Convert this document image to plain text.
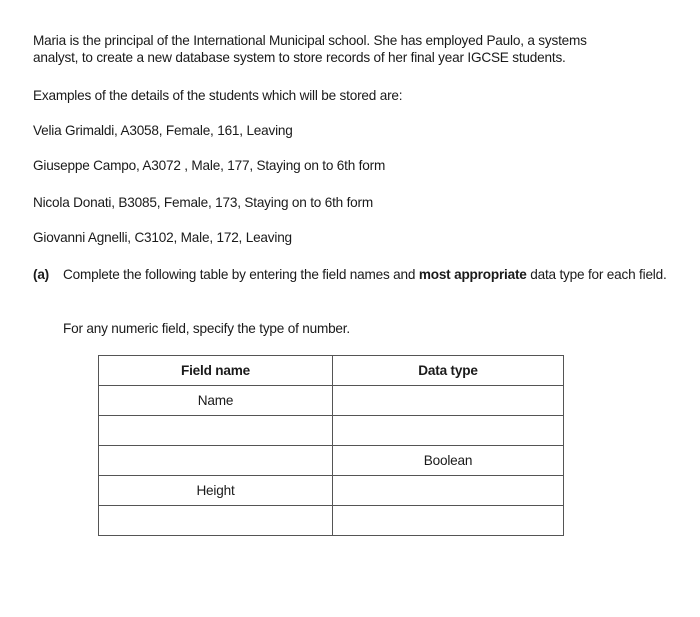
Maria is the principal of the International Municipal school. She has employed Paulo, a systems
analyst, to create a new database system to store records of her final year IGCSE students.

Examples of the details of the students which will be stored are:

Velia Grimaldi, A3058, Female, 161, Leaving

Giuseppe Campo, A3072 , Male, 177, Staying on to 6th form

Nicola Donati, B3085, Female, 173, Staying on to 6th form

Giovanni Agnelli, C3102, Male, 172, Leaving

(a) Complete the following table by entering the field names and most appropriate data type for each field.

For any numeric field, specify the type of number.

Field name	Data type
Name	

	Boolean
Height	
